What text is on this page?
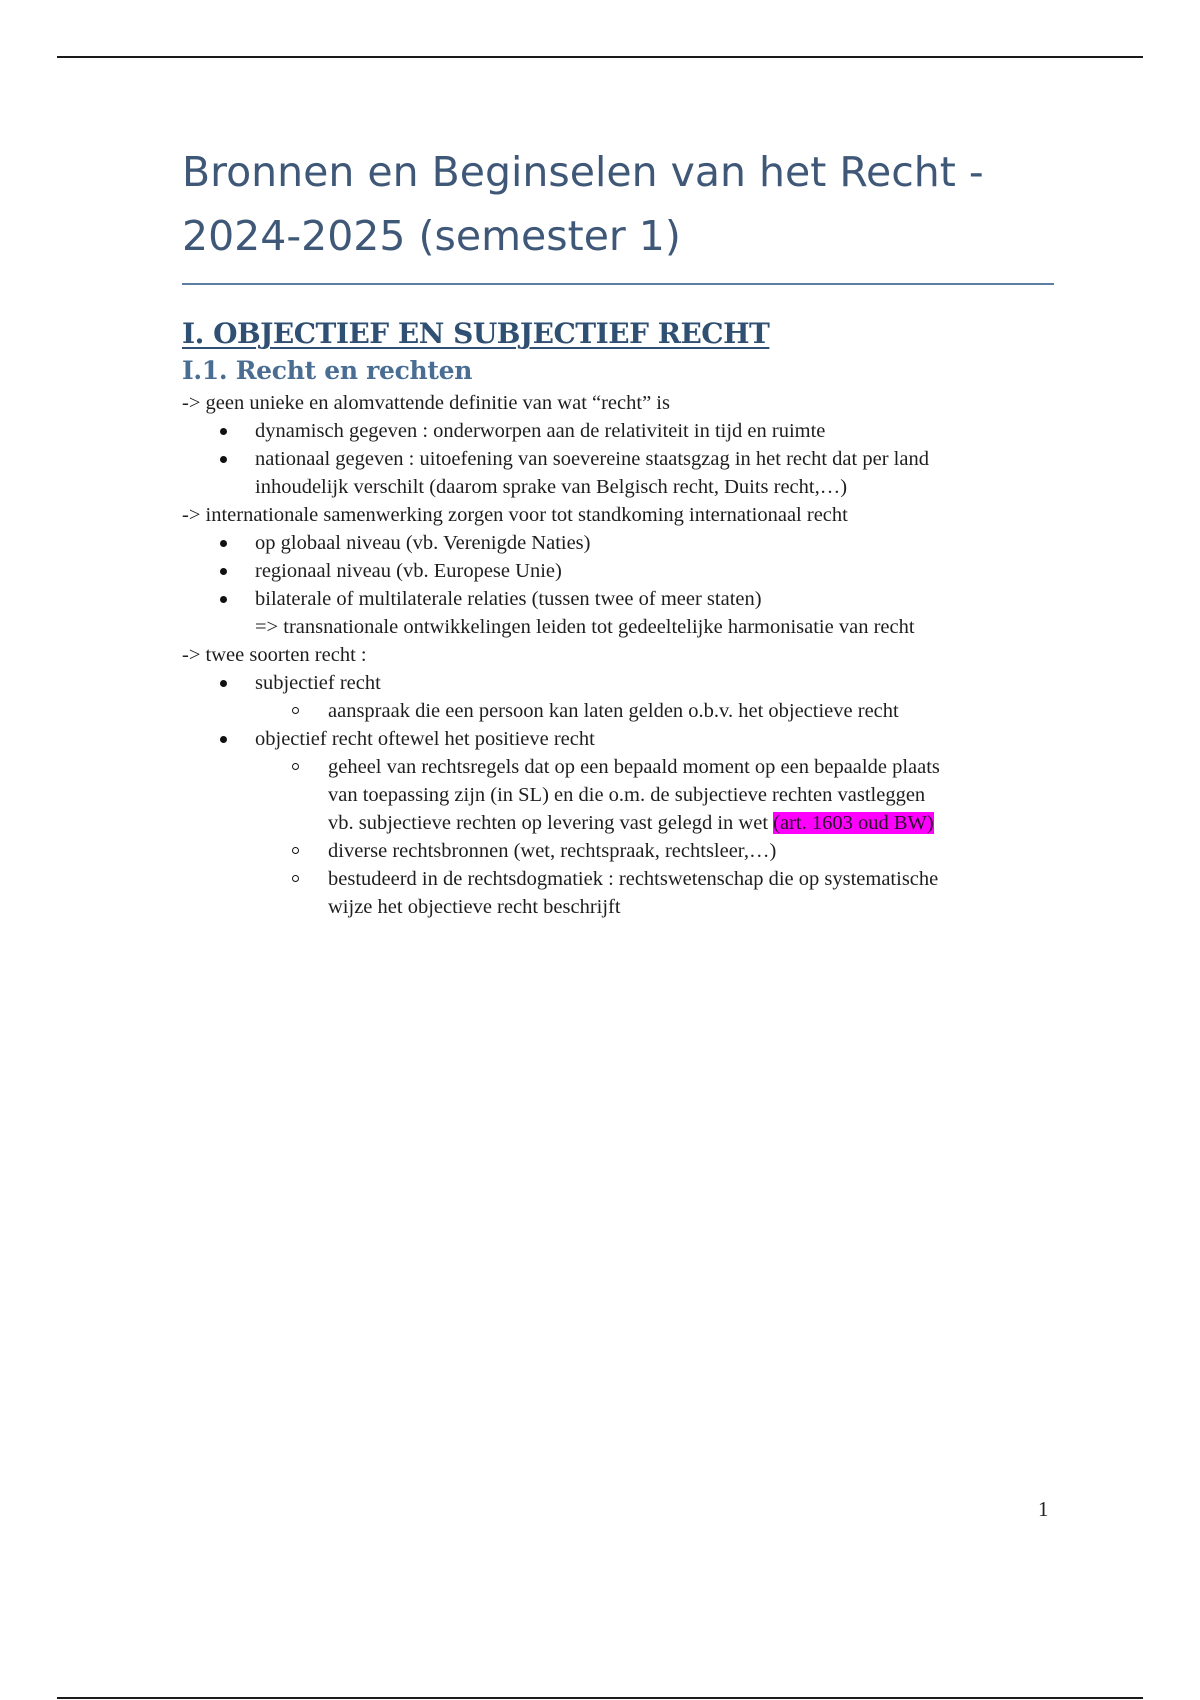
Bronnen en Beginselen van het Recht -
2024-2025 (semester 1)
I. OBJECTIEF EN SUBJECTIEF RECHT
I.1. Recht en rechten

-> geen unieke en alomvattende definitie van wat “recht” is

dynamisch gegeven : onderworpen aan de relativiteit in tijd en ruimte

nationaal gegeven : uitoefening van soevereine staatsgzag in het recht dat per land
inhoudelijk verschilt (daarom sprake van Belgisch recht, Duits recht,…)

-> internationale samenwerking zorgen voor tot standkoming internationaal recht

op globaal niveau (vb. Verenigde Naties)

regionaal niveau (vb. Europese Unie)

bilaterale of multilaterale relaties (tussen twee of meer staten)
=> transnationale ontwikkelingen leiden tot gedeeltelijke harmonisatie van recht

-> twee soorten recht :

subjectief recht

aanspraak die een persoon kan laten gelden o.b.v. het objectieve recht

objectief recht oftewel het positieve recht

geheel van rechtsregels dat op een bepaald moment op een bepaalde plaats
van toepassing zijn (in SL) en die o.m. de subjectieve rechten vastleggen
vb. subjectieve rechten op levering vast gelegd in wet (art. 1603 oud BW)

diverse rechtsbronnen (wet, rechtspraak, rechtsleer,…)

bestudeerd in de rechtsdogmatiek : rechtswetenschap die op systematische
wijze het objectieve recht beschrijft

1
